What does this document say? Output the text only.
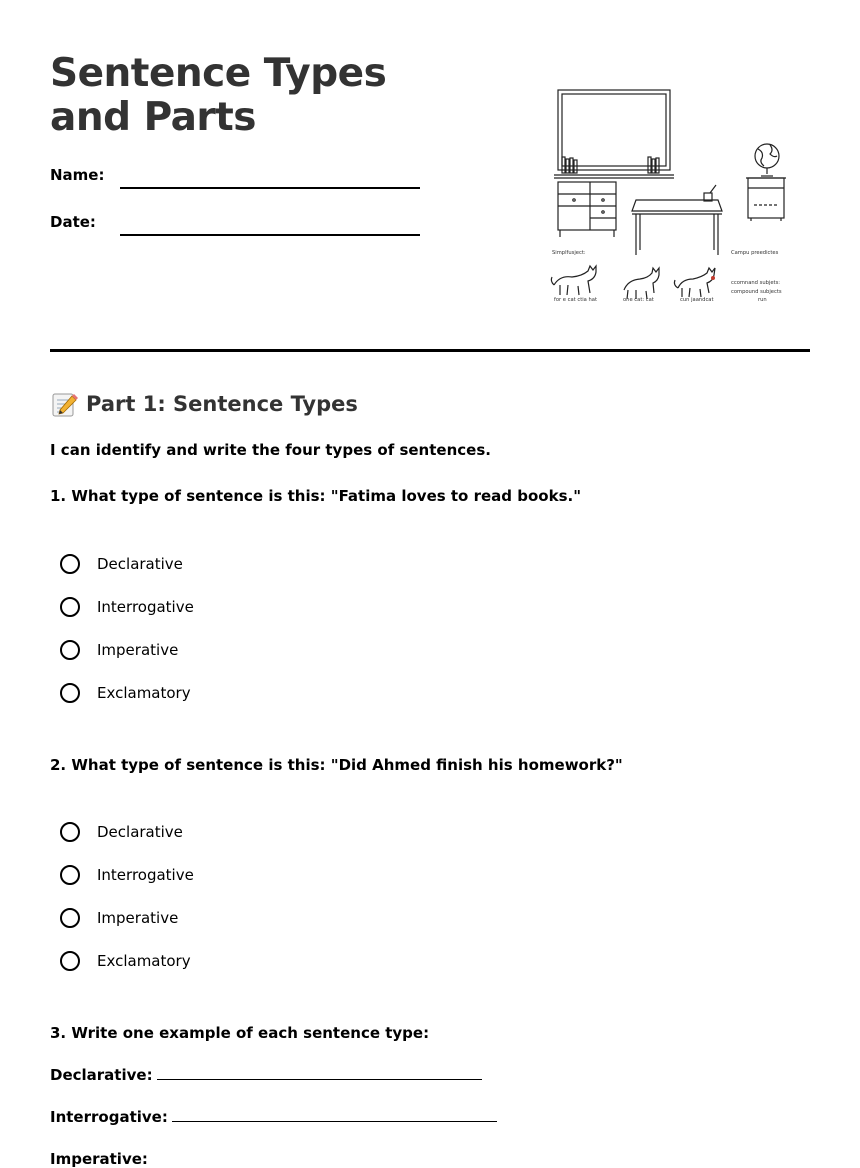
Sentence Types and Parts
Name:
Date:
Simplfusject:	Campu preedictes
for e cat ctia hat	one cat: cat	cun jaandcat
ccomnand subjets:
compound subjects
run
Part 1: Sentence Types
I can identify and write the four types of sentences.
1. What type of sentence is this: "Fatima loves to read books."
Declarative
Interrogative
Imperative
Exclamatory
2. What type of sentence is this: "Did Ahmed finish his homework?"
Declarative
Interrogative
Imperative
Exclamatory
3. Write one example of each sentence type:
Declarative:
Interrogative:
Imperative:
